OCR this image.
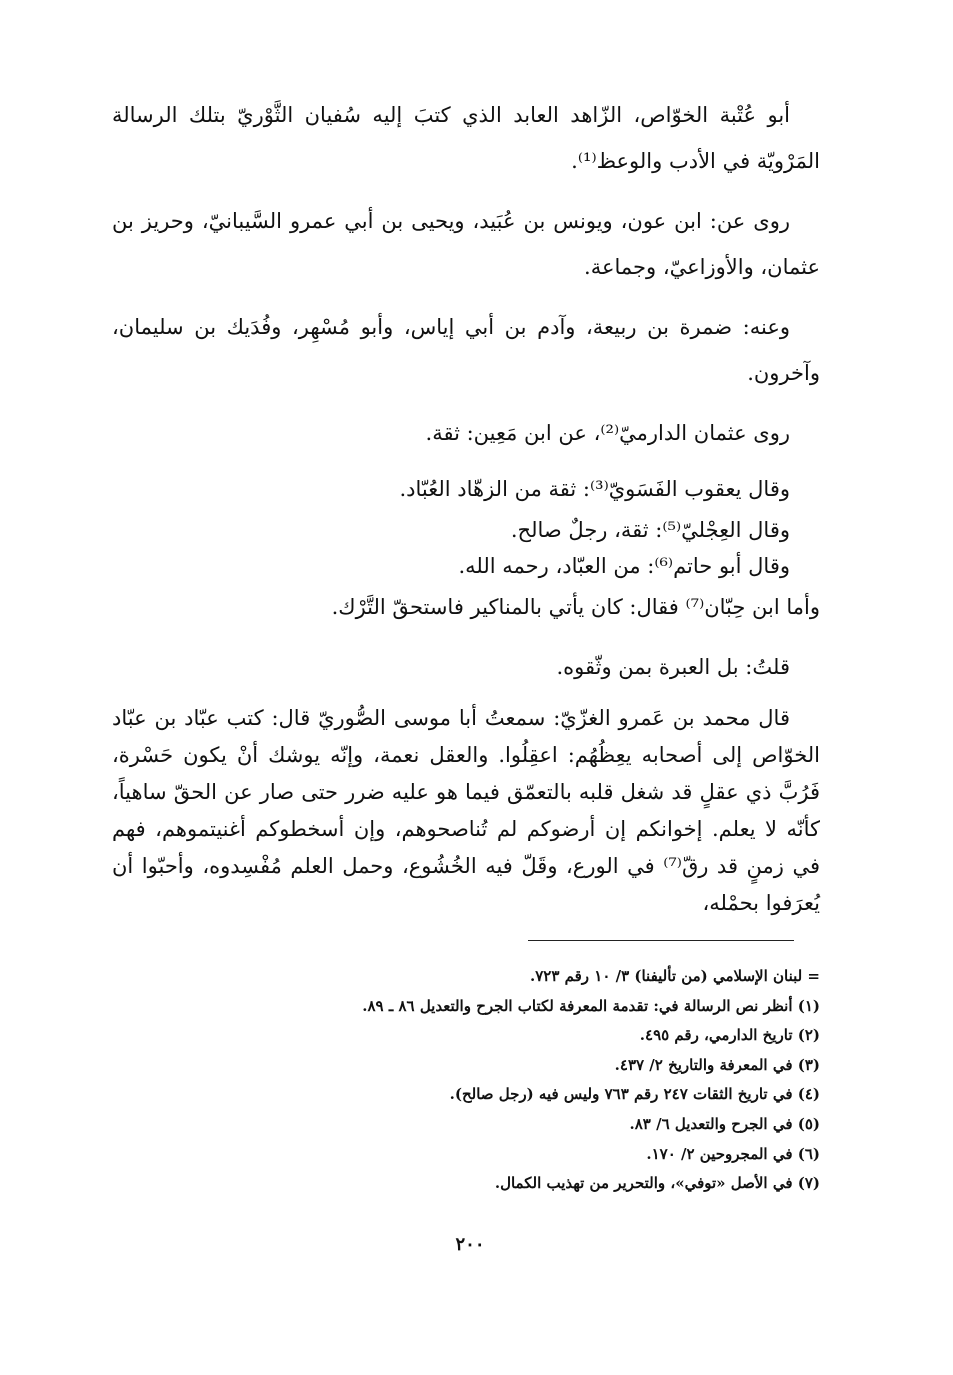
أبو عُتْبة الخوّاص، الزّاهد العابد الذي كتبَ إليه سُفيان الثَّوْريّ بتلك الرسالة المَرْويّة في الأدب والوعظ⁽¹⁾.

روى عن: ابن عون، ويونس بن عُبَيد، ويحيى بن أبي عمرو السَّيبانيّ، وحريز بن عثمان، والأوزاعيّ، وجماعة.

وعنه: ضمرة بن ربيعة، وآدم بن أبي إياس، وأبو مُسْهِر، وفُدَيك بن سليمان، وآخرون.

روى عثمان الدارميّ⁽²⁾، عن ابن مَعِين: ثقة.

وقال يعقوب الفَسَويّ⁽³⁾: ثقة من الزهّاد العُبّاد.

وقال العِجْليّ⁽⁵⁾: ثقة، رجلٌ صالح.

وقال أبو حاتم⁽⁶⁾: من العبّاد، رحمه الله.

وأما ابن حِبّان⁽⁷⁾ فقال: كان يأتي بالمناكير فاستحقّ التَّرْك.

قلتُ: بل العبرة بمن وثّقوه.

قال محمد بن عَمرو الغزّيّ: سمعتُ أبا موسى الصُّوريّ قال: كتب عبّاد بن عبّاد الخوّاص إلى أصحابه يعِظُهُم: اعقِلُوا. والعقل نعمة، وإنّه يوشك أنْ يكون حَسْرة، فَرُبَّ ذي عقلٍ قد شغل قلبه بالتعمّق فيما هو عليه ضرر حتى صار عن الحقّ ساهياً، كأنّه لا يعلم. إخوانكم إن أرضوكم لم تُناصحوهم، وإن أسخطوكم أغنيتموهم، فهم في زمنٍ قد رقّ⁽⁷⁾ في الورع، وقَلّ فيه الخُشُوع، وحمل العلم مُفْسِدوه، وأحبّوا أن يُعرَفوا بحمْله،

= لبنان الإسلامي (من تأليفنا) ٣/ ١٠ رقم ٧٢٣.

(١) أنظر نص الرسالة في: تقدمة المعرفة لكتاب الجرح والتعديل ٨٦ ـ ٨٩.

(٢) تاريخ الدارمي، رقم ٤٩٥.

(٣) في المعرفة والتاريخ ٢/ ٤٣٧.

(٤) في تاريخ الثقات ٢٤٧ رقم ٧٦٣ وليس فيه (رجل صالح).

(٥) في الجرح والتعديل ٦/ ٨٣.

(٦) في المجروحين ٢/ ١٧٠.

(٧) في الأصل «توفي»، والتحرير من تهذيب الكمال.

٢٠٠
